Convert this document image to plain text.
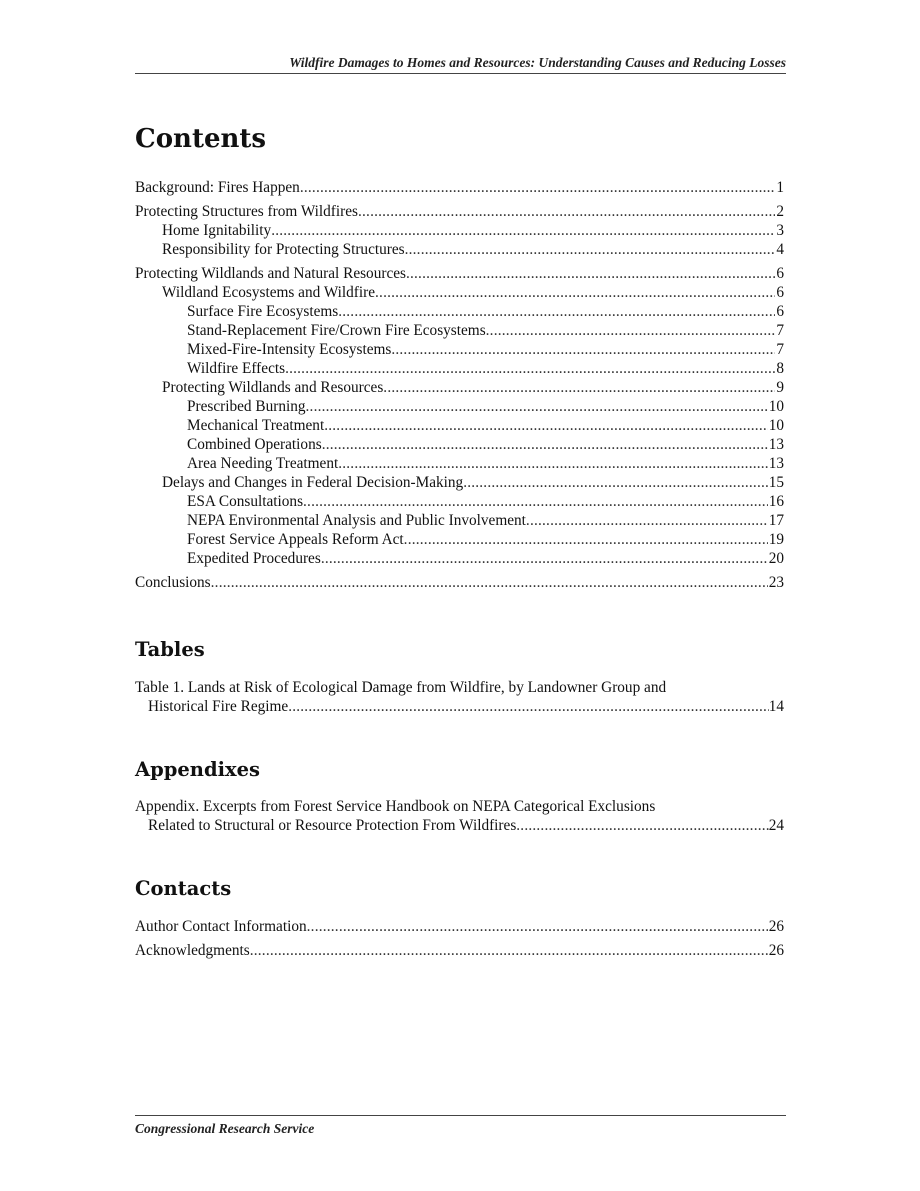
Wildfire Damages to Homes and Resources: Understanding Causes and Reducing Losses
Contents
Background: Fires Happen .....	1
Protecting Structures from Wildfires .....	2
Home Ignitability .....	3
Responsibility for Protecting Structures .....	4
Protecting Wildlands and Natural Resources .....	6
Wildland Ecosystems and Wildfire .....	6
Surface Fire Ecosystems .....	6
Stand-Replacement Fire/Crown Fire Ecosystems .....	7
Mixed-Fire-Intensity Ecosystems .....	7
Wildfire Effects .....	8
Protecting Wildlands and Resources .....	9
Prescribed Burning .....	10
Mechanical Treatment .....	10
Combined Operations .....	13
Area Needing Treatment .....	13
Delays and Changes in Federal Decision-Making .....	15
ESA Consultations .....	16
NEPA Environmental Analysis and Public Involvement .....	17
Forest Service Appeals Reform Act .....	19
Expedited Procedures .....	20
Conclusions .....	23
Tables
Table 1. Lands at Risk of Ecological Damage from Wildfire, by Landowner Group and
Historical Fire Regime .....	14
Appendixes
Appendix. Excerpts from Forest Service Handbook on NEPA Categorical Exclusions
Related to Structural or Resource Protection From Wildfires .....	24
Contacts
Author Contact Information .....	26
Acknowledgments .....	26
Congressional Research Service
